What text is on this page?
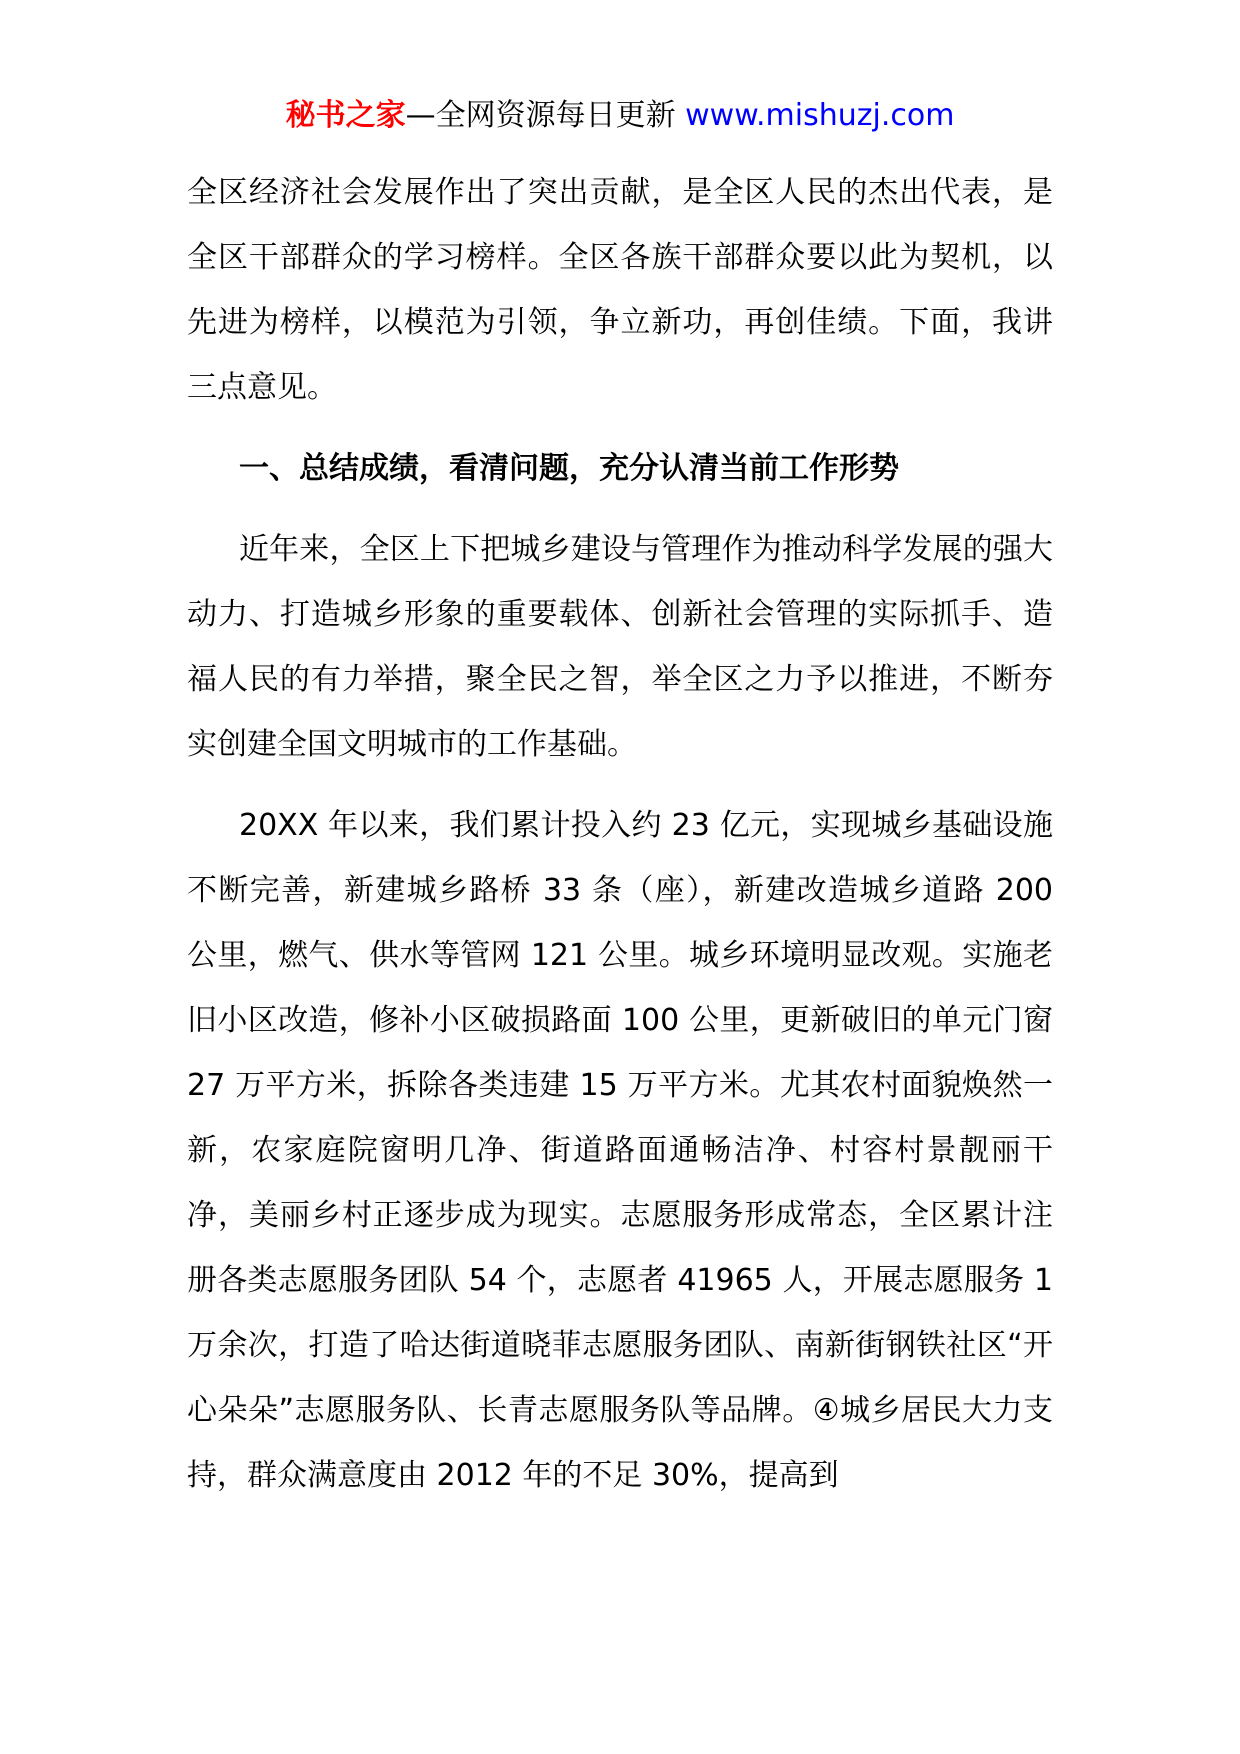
秘书之家—全网资源每日更新 www.mishuzj.com

全区经济社会发展作出了突出贡献，是全区人民的杰出代表，是全区干部群众的学习榜样。全区各族干部群众要以此为契机，以先进为榜样，以模范为引领，争立新功，再创佳绩。下面，我讲三点意见。

一、总结成绩，看清问题，充分认清当前工作形势

近年来，全区上下把城乡建设与管理作为推动科学发展的强大动力、打造城乡形象的重要载体、创新社会管理的实际抓手、造福人民的有力举措，聚全民之智，举全区之力予以推进，不断夯实创建全国文明城市的工作基础。

20XX 年以来，我们累计投入约 23 亿元，实现城乡基础设施不断完善，新建城乡路桥 33 条（座），新建改造城乡道路 200 公里，燃气、供水等管网 121 公里。城乡环境明显改观。实施老旧小区改造，修补小区破损路面 100 公里，更新破旧的单元门窗 27 万平方米，拆除各类违建 15 万平方米。尤其农村面貌焕然一新，农家庭院窗明几净、街道路面通畅洁净、村容村景靓丽干净，美丽乡村正逐步成为现实。志愿服务形成常态，全区累计注册各类志愿服务团队 54 个，志愿者 41965 人，开展志愿服务 1 万余次，打造了哈达街道晓菲志愿服务团队、南新街钢铁社区“开心朵朵”志愿服务队、长青志愿服务队等品牌。④城乡居民大力支持，群众满意度由 2012 年的不足 30%，提高到
